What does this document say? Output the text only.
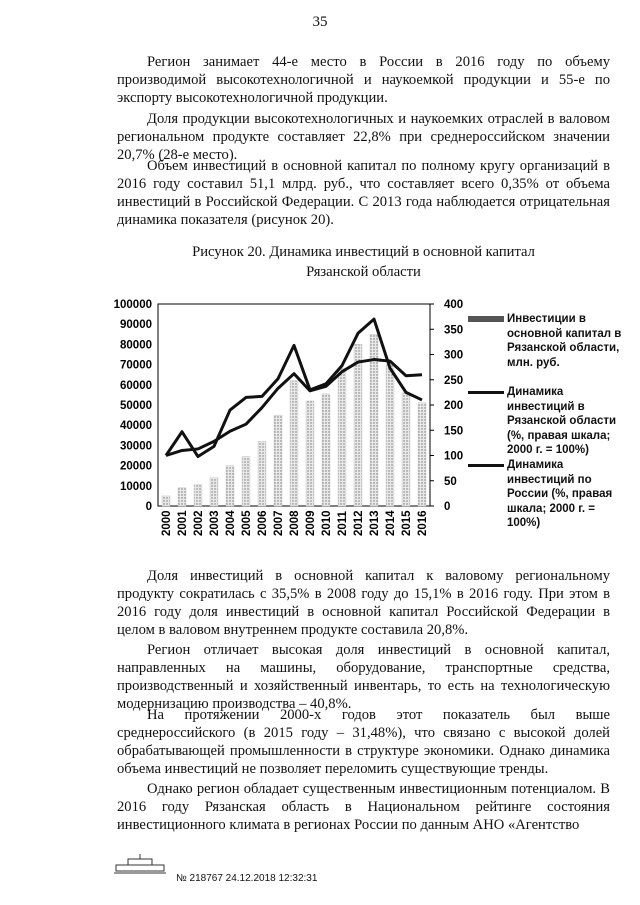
35

Регион занимает 44-е место в России в 2016 году по объему производимой высокотехнологичной и наукоемкой продукции и 55-е по экспорту высокотехнологичной продукции.

Доля продукции высокотехнологичных и наукоемких отраслей в валовом региональном продукте составляет 22,8% при среднероссийском значении 20,7% (28-е место).

Объем инвестиций в основной капитал по полному кругу организаций в 2016 году составил 51,1 млрд. руб., что составляет всего 0,35% от объема инвестиций в Российской Федерации. С 2013 года наблюдается отрицательная динамика показателя (рисунок 20).

Рисунок 20. Динамика инвестиций в основной капитал
Рязанской области
0
10000
20000
30000
40000
50000
60000
70000
80000
90000
100000
0
50
100
150
200
250
300
350
400
2000 2001 2002 2003 2004 2005 2006 2007 2008 2009 2010 2011 2012 2013 2014 2015 2016
Инвестиции в основной капитал в Рязанской области, млн. руб.
Динамика инвестиций в Рязанской области (%, правая шкала; 2000 г. = 100%)
Динамика инвестиций по России (%, правая шкала; 2000 г. = 100%)

Доля инвестиций в основной капитал к валовому региональному продукту сократилась с 35,5% в 2008 году до 15,1% в 2016 году. При этом в 2016 году доля инвестиций в основной капитал Российской Федерации в целом в валовом внутреннем продукте составила 20,8%.

Регион отличает высокая доля инвестиций в основной капитал, направленных на машины, оборудование, транспортные средства, производственный и хозяйственный инвентарь, то есть на технологическую модернизацию производства – 40,8%.

На протяжении 2000-х годов этот показатель был выше среднероссийского (в 2015 году – 31,48%), что связано с высокой долей обрабатывающей промышленности в структуре экономики. Однако динамика объема инвестиций не позволяет переломить существующие тренды.

Однако регион обладает существенным инвестиционным потенциалом. В 2016 году Рязанская область в Национальном рейтинге состояния инвестиционного климата в регионах России по данным АНО «Агентство

№ 218767 24.12.2018 12:32:31
